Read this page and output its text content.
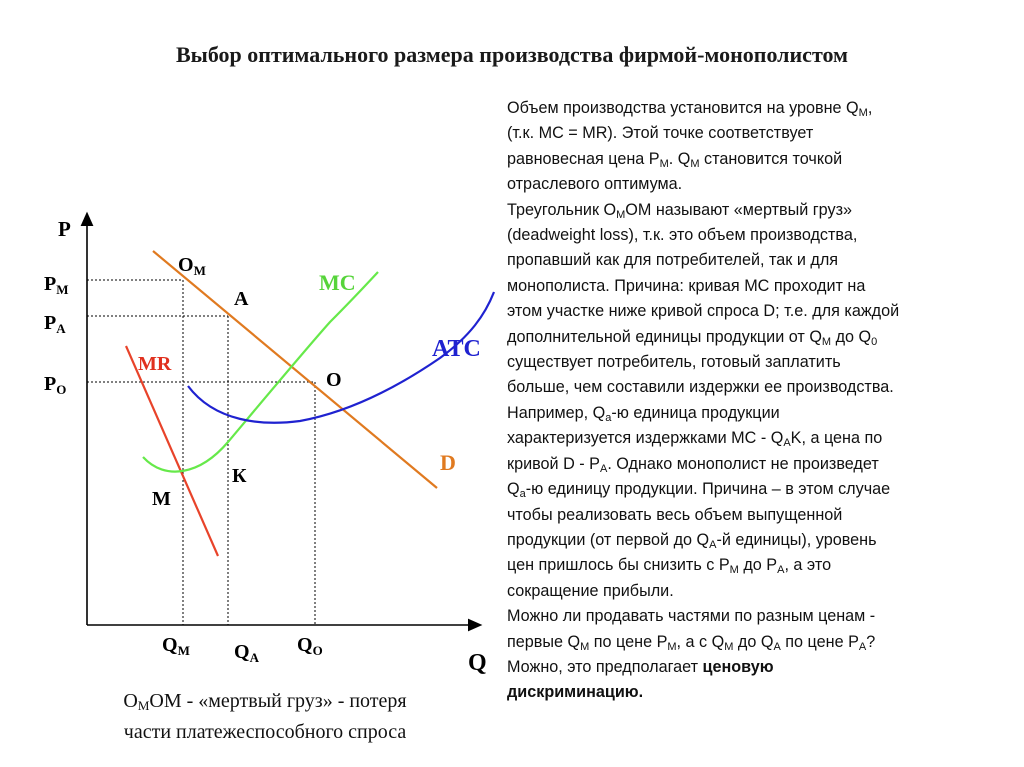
Выбор оптимального размера производства фирмой-монополистом
P
Q
$P_M$
$P_A$
$P_O$
$Q_M$ $Q_A$
$Q_O$
MC
ATC
MR
D
$O_M$
A
O
К
M
Объем производства установится на уровне $Q_M$,
(т.к. МС = MR). Этой точке соответствует
равновесная цена $P_M$. $Q_M$ становится точкой
отраслевого оптимума.
Треугольник $O_MOM$ называют «мертвый груз»
(deadweight loss), т.к. это объем производства,
пропавший как для потребителей, так и для
монополиста. Причина: кривая МС проходит на
этом участке ниже кривой спроса D; т.е. для каждой
дополнительной единицы продукции от $Q_M$ до $Q_0$
существует потребитель, готовый заплатить
больше, чем составили издержки ее производства.
Например, $Q_а-ю$ единица продукции
характеризуется издержками МС - $Q_AK$, а цена по
кривой D - $P_A$. Однако монополист не произведет
$Q_а-ю$ единицу продукции. Причина – в этом случае
чтобы реализовать весь объем выпущенной
продукции (от первой до $Q_A-й$ единицы), уровень
цен пришлось бы снизить с $P_M$ до $P_A$, а это
сокращение прибыли.
Можно ли продавать частями по разным ценам -
первые $Q_M$ по цене $P_M$, а с $Q_M$ до $Q_A$ по цене $P_A$?
Можно, это предполагает ценовую
дискриминацию.
$O_MOM$ - «мертвый груз» - потеря
части платежеспособного спроса
